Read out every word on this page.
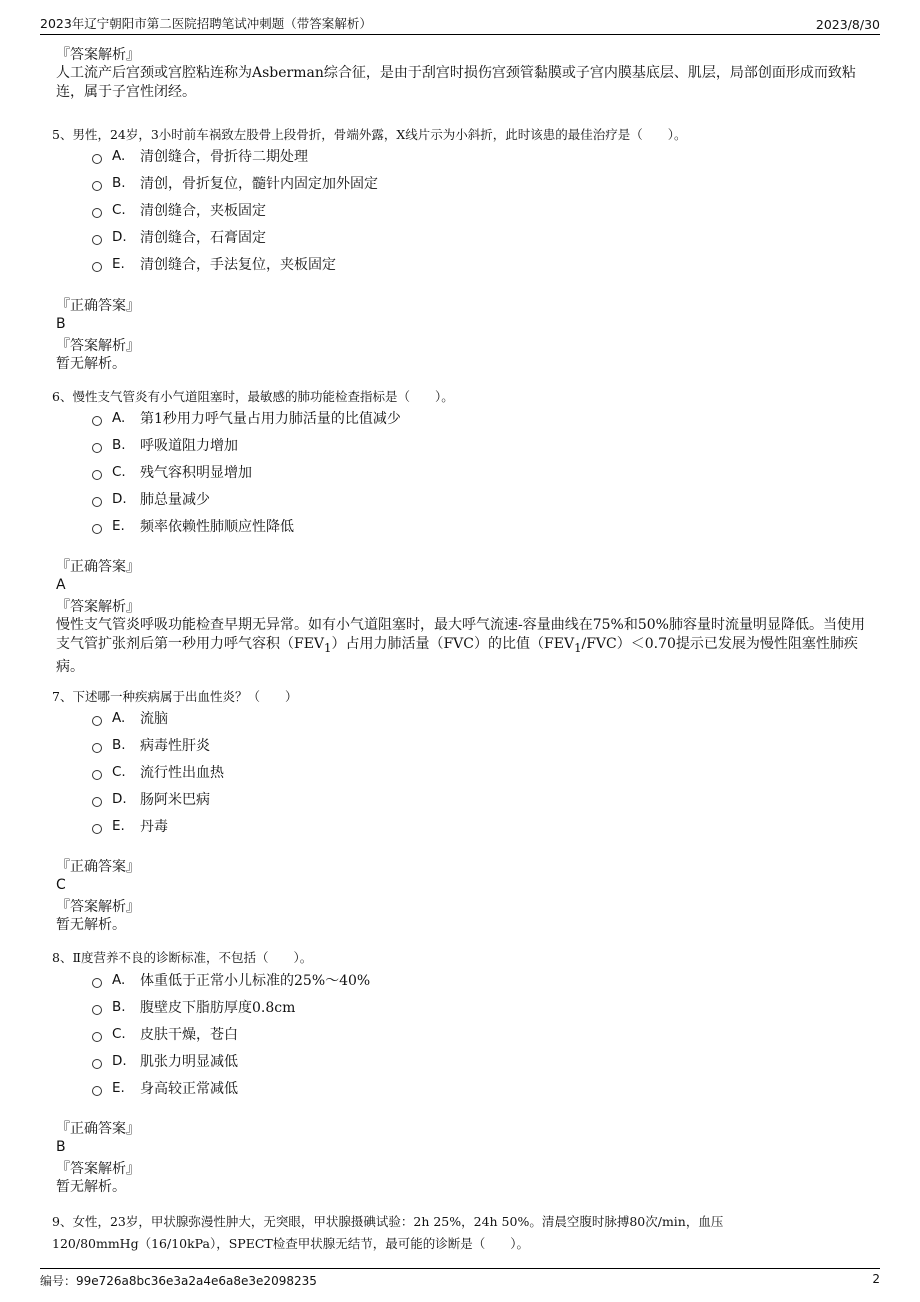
2023年辽宁朝阳市第二医院招聘笔试冲刺题（带答案解析）	2023/8/30
『答案解析』
人工流产后宫颈或宫腔粘连称为Asberman综合征，是由于刮宫时损伤宫颈管黏膜或子宫内膜基底层、肌层，局部创面形成而致粘连，属于子宫性闭经。
5、男性，24岁，3小时前车祸致左股骨上段骨折，骨端外露，X线片示为小斜折，此时该患的最佳治疗是（　　）。
A.	清创缝合，骨折待二期处理
B.	清创，骨折复位，髓针内固定加外固定
C.	清创缝合，夹板固定
D. 清创缝合，石膏固定
E.	清创缝合，手法复位，夹板固定
『正确答案』
B
『答案解析』
暂无解析。
6、慢性支气管炎有小气道阻塞时，最敏感的肺功能检查指标是（　　）。
A.	第1秒用力呼气量占用力肺活量的比值减少
B.	呼吸道阻力增加
C.	残气容积明显增加
D. 肺总量减少
E.	频率依赖性肺顺应性降低
『正确答案』
A
『答案解析』
慢性支气管炎呼吸功能检查早期无异常。如有小气道阻塞时，最大呼气流速-容量曲线在75%和50%肺容量时流量明显降低。当使用支气管扩张剂后第一秒用力呼气容积$(FEV_1)$占用力肺活量（FVC）的比值$(FEV_1/FVC)<0.70$提示已发展为慢性阻塞性肺疾病。
7、下述哪一种疾病属于出血性炎？（　　）
A.	流脑
B.	病毒性肝炎
C.	流行性出血热
D. 肠阿米巴病
E.	丹毒
『正确答案』
C
『答案解析』
暂无解析。
8、Ⅱ度营养不良的诊断标准，不包括（　　）。
A.	体重低于正常小儿标准的25%～40%
B.	腹壁皮下脂肪厚度0.8cm
C.	皮肤干燥，苍白
D. 肌张力明显减低
E.	身高较正常减低
『正确答案』
B
『答案解析』
暂无解析。
9、女性，23岁，甲状腺弥漫性肿大，无突眼，甲状腺摄碘试验：2h 25%，24h 50%。清晨空腹时脉搏80次/min，血压
120/80mmHg（16/10kPa），SPECT检查甲状腺无结节，最可能的诊断是（　　）。
编号：99e726a8bc36e3a2a4e6a8e3e2098235	2
